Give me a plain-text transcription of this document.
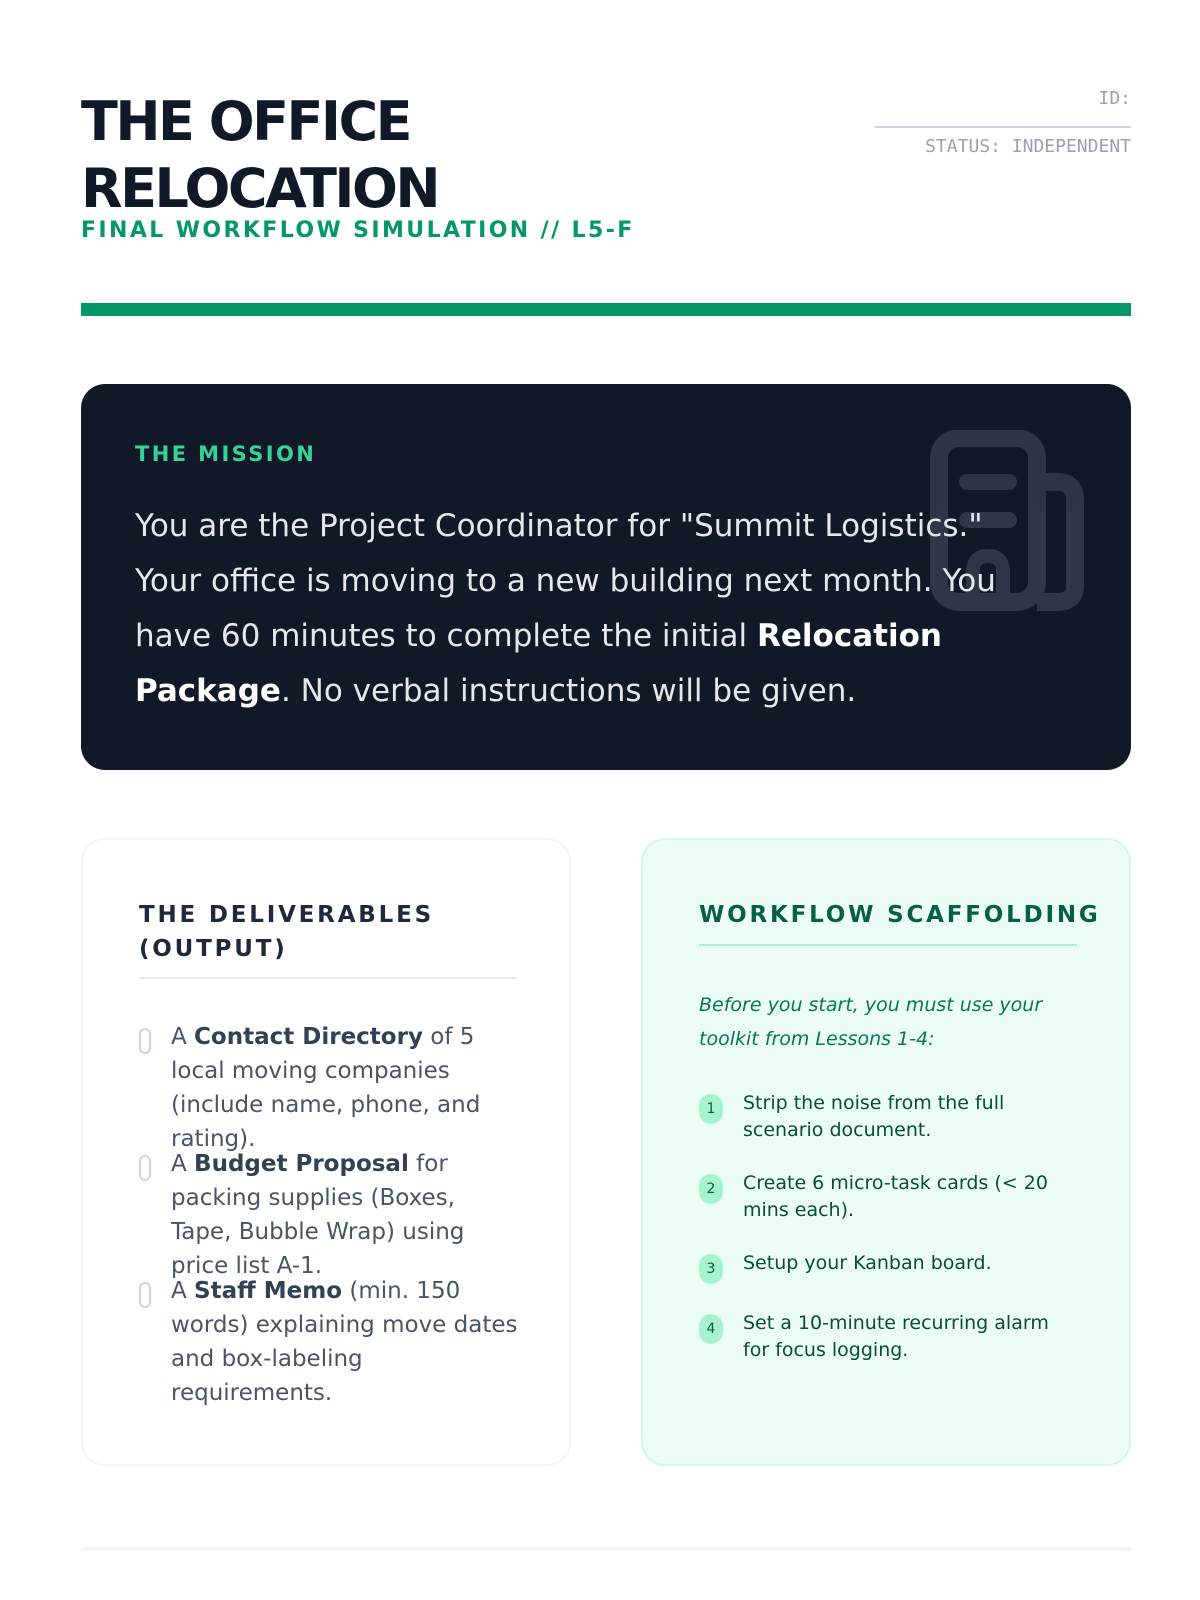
THE OFFICE
RELOCATION
FINAL WORKFLOW SIMULATION // L5-F
ID:
STATUS: INDEPENDENT
THE MISSION
You are the Project Coordinator for "Summit Logistics." Your office is moving to a new building next month. You have 60 minutes to complete the initial Relocation Package. No verbal instructions will be given.
THE DELIVERABLES (OUTPUT)
A Contact Directory of 5 local moving companies (include name, phone, and rating).
A Budget Proposal for packing supplies (Boxes, Tape, Bubble Wrap) using price list A-1.
A Staff Memo (min. 150 words) explaining move dates and box-labeling requirements.
WORKFLOW SCAFFOLDING
Before you start, you must use your toolkit from Lessons 1-4:
1	Strip the noise from the full scenario document.
2	Create 6 micro-task cards (< 20 mins each).
3	Setup your Kanban board.
4	Set a 10-minute recurring alarm for focus logging.
